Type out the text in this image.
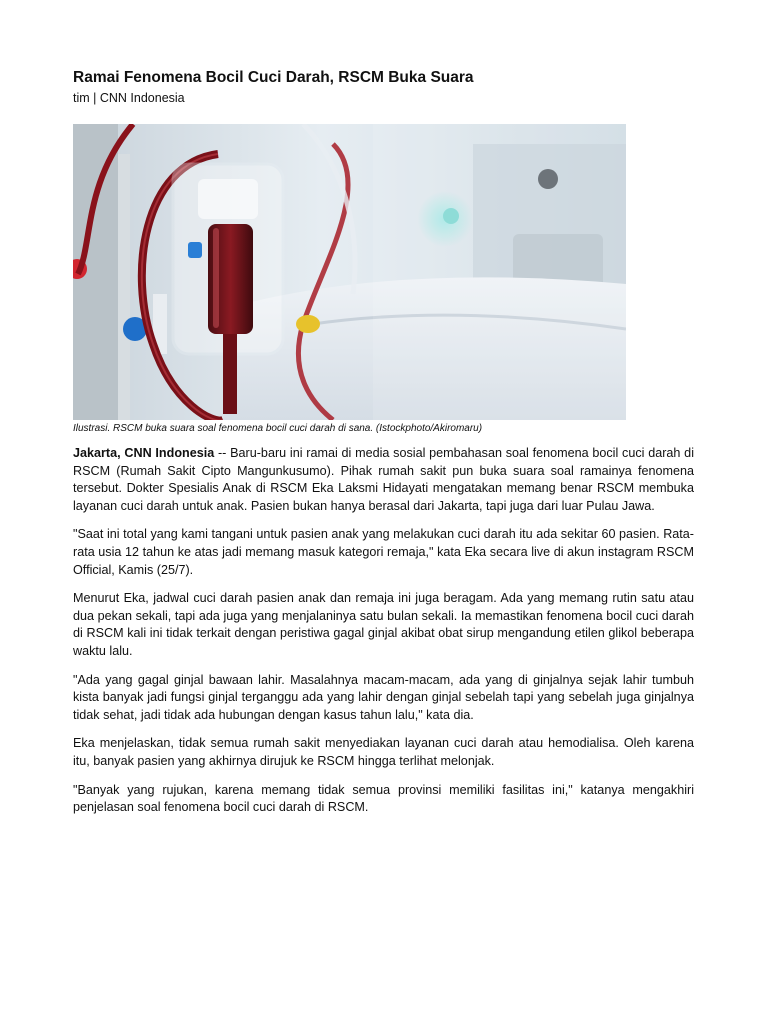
Ramai Fenomena Bocil Cuci Darah, RSCM Buka Suara
tim | CNN Indonesia
Ilustrasi. RSCM buka suara soal fenomena bocil cuci darah di sana. (Istockphoto/Akiromaru)

Jakarta, CNN Indonesia -- Baru-baru ini ramai di media sosial pembahasan soal fenomena bocil cuci darah di RSCM (Rumah Sakit Cipto Mangunkusumo). Pihak rumah sakit pun buka suara soal ramainya fenomena tersebut. Dokter Spesialis Anak di RSCM Eka Laksmi Hidayati mengatakan memang benar RSCM membuka layanan cuci darah untuk anak. Pasien bukan hanya berasal dari Jakarta, tapi juga dari luar Pulau Jawa.

"Saat ini total yang kami tangani untuk pasien anak yang melakukan cuci darah itu ada sekitar 60 pasien. Rata-rata usia 12 tahun ke atas jadi memang masuk kategori remaja," kata Eka secara live di akun instagram RSCM Official, Kamis (25/7).

Menurut Eka, jadwal cuci darah pasien anak dan remaja ini juga beragam. Ada yang memang rutin satu atau dua pekan sekali, tapi ada juga yang menjalaninya satu bulan sekali. Ia memastikan fenomena bocil cuci darah di RSCM kali ini tidak terkait dengan peristiwa gagal ginjal akibat obat sirup mengandung etilen glikol beberapa waktu lalu.

"Ada yang gagal ginjal bawaan lahir. Masalahnya macam-macam, ada yang di ginjalnya sejak lahir tumbuh kista banyak jadi fungsi ginjal terganggu ada yang lahir dengan ginjal sebelah tapi yang sebelah juga ginjalnya tidak sehat, jadi tidak ada hubungan dengan kasus tahun lalu," kata dia.

Eka menjelaskan, tidak semua rumah sakit menyediakan layanan cuci darah atau hemodialisa. Oleh karena itu, banyak pasien yang akhirnya dirujuk ke RSCM hingga terlihat melonjak.

"Banyak yang rujukan, karena memang tidak semua provinsi memiliki fasilitas ini," katanya mengakhiri penjelasan soal fenomena bocil cuci darah di RSCM.
